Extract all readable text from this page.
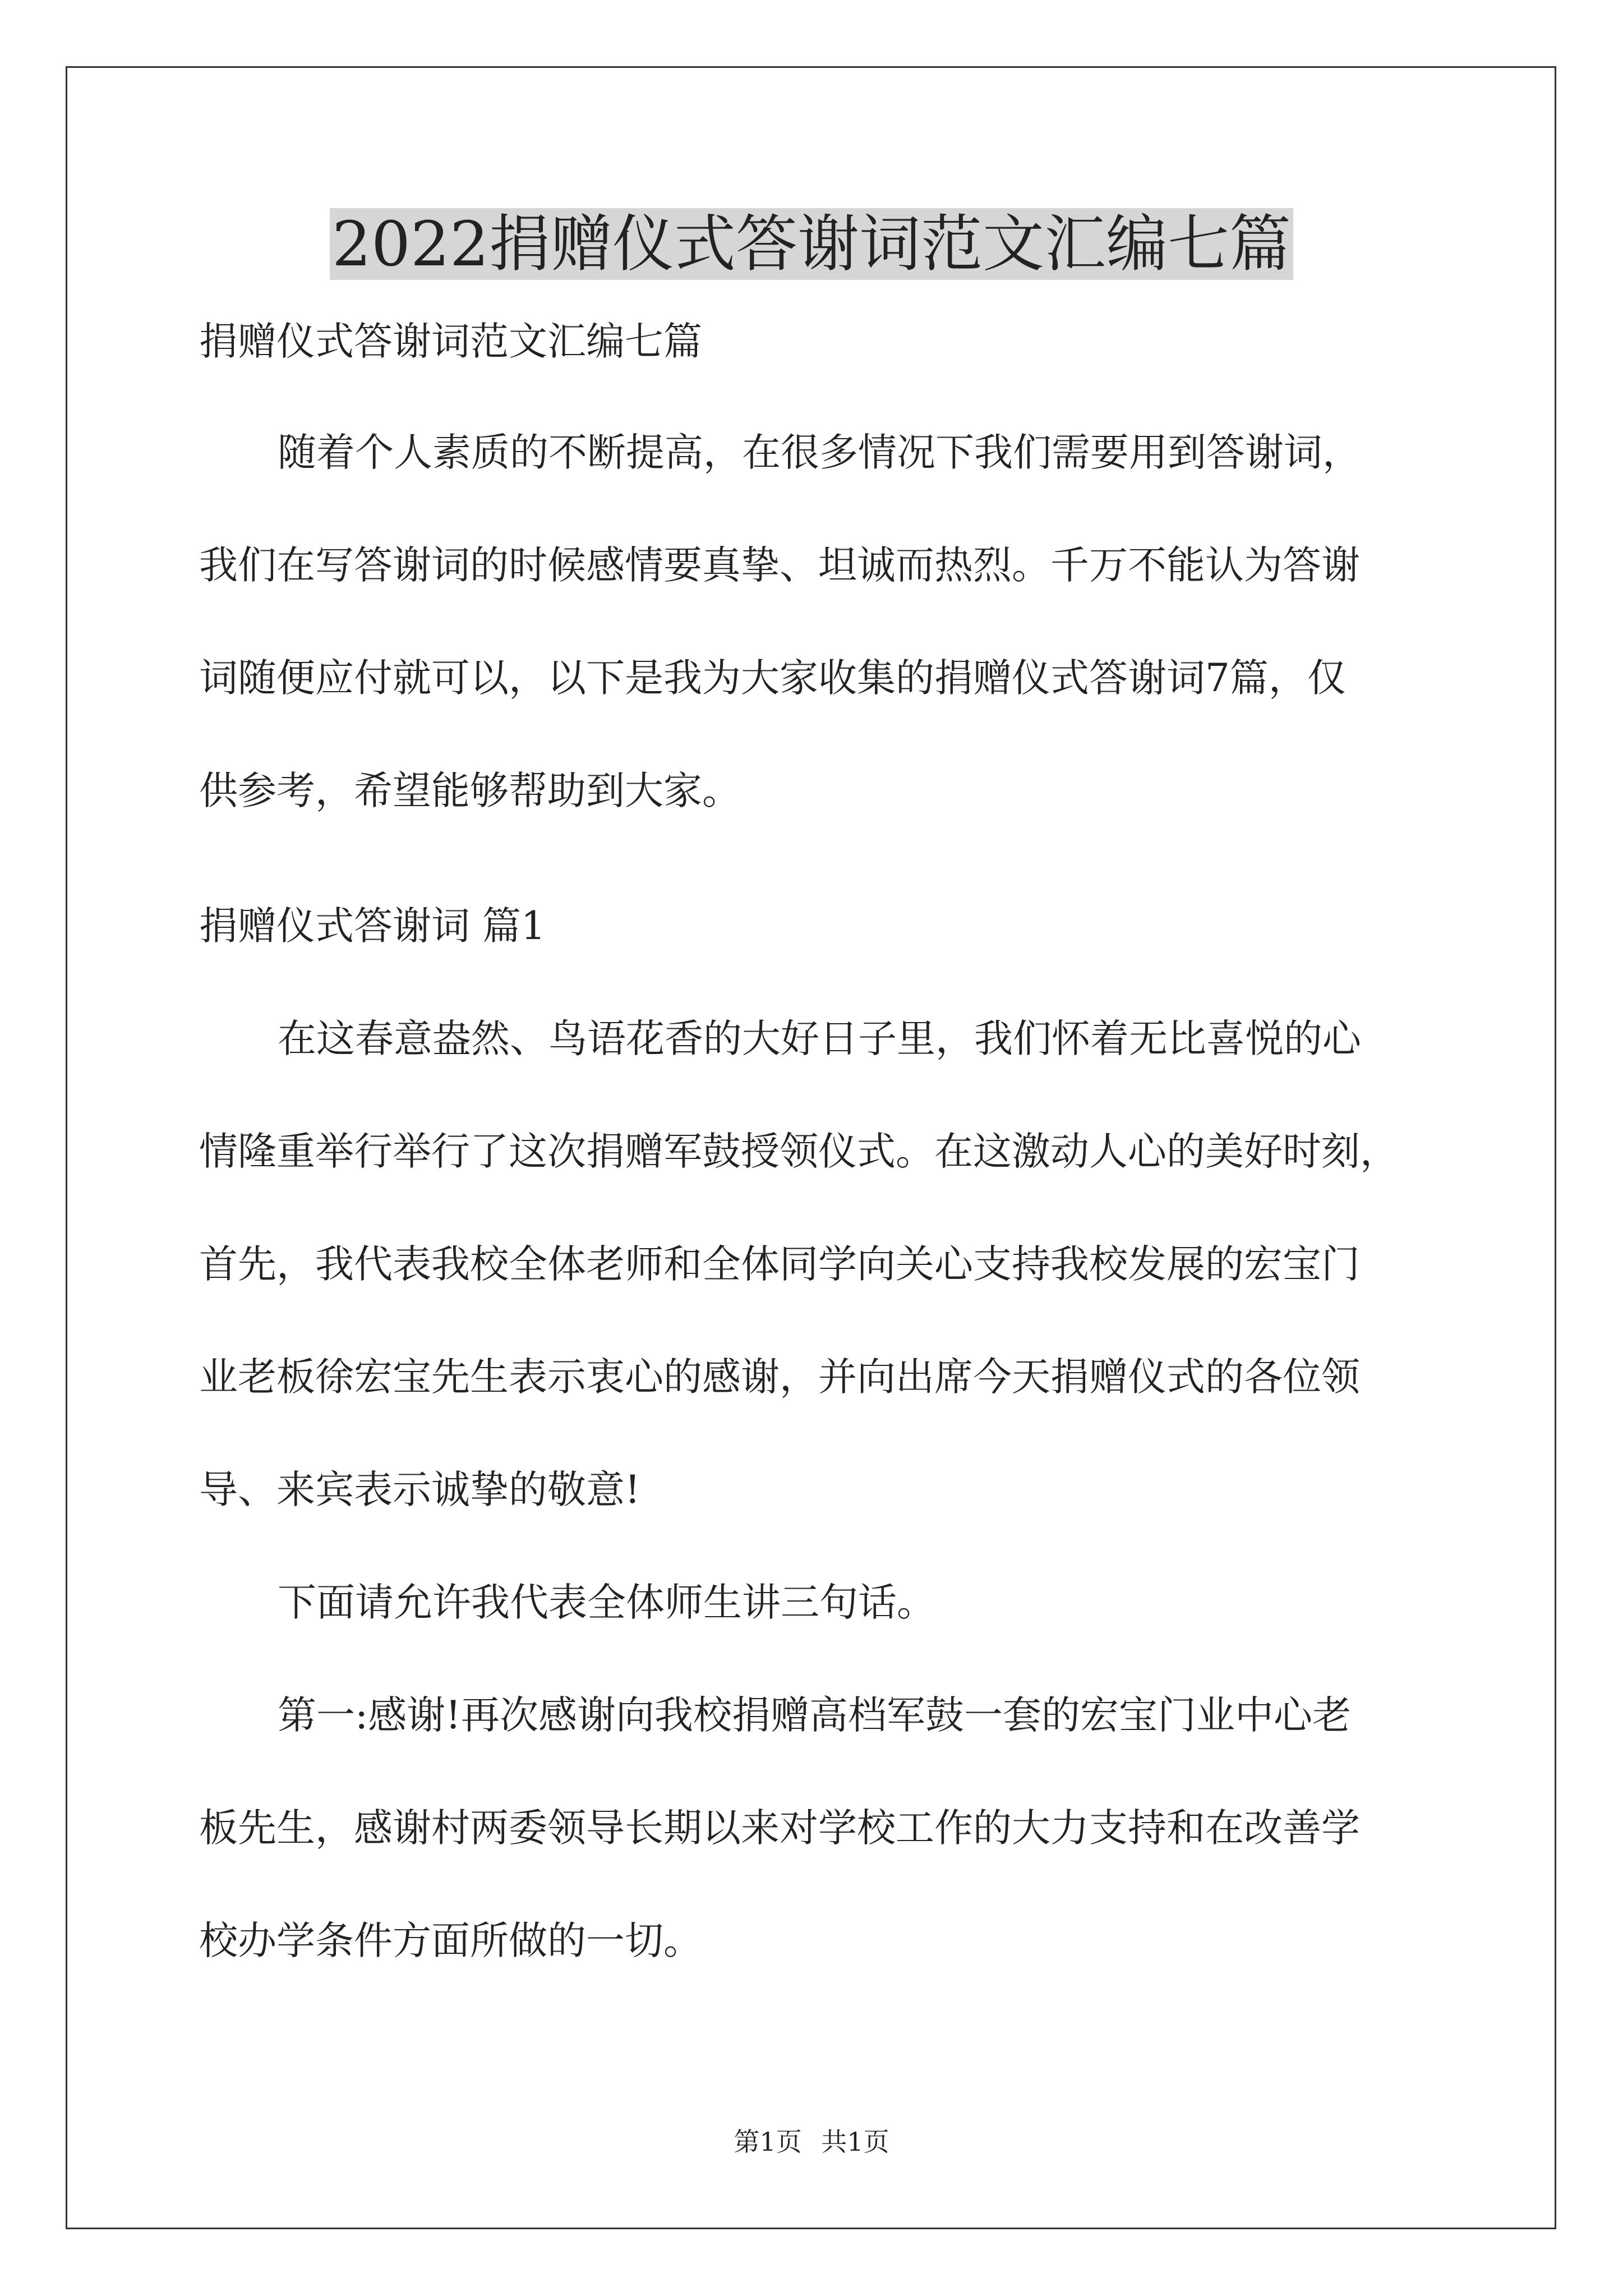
2022捐赠仪式答谢词范文汇编七篇

捐赠仪式答谢词范文汇编七篇

随着个人素质的不断提高，在很多情况下我们需要用到答谢词，

我们在写答谢词的时候感情要真挚、坦诚而热烈。千万不能认为答谢

词随便应付就可以，以下是我为大家收集的捐赠仪式答谢词7篇，仅

供参考，希望能够帮助到大家。

捐赠仪式答谢词 篇1

在这春意盎然、鸟语花香的大好日子里，我们怀着无比喜悦的心

情隆重举行举行了这次捐赠军鼓授领仪式。在这激动人心的美好时刻，

首先，我代表我校全体老师和全体同学向关心支持我校发展的宏宝门

业老板徐宏宝先生表示衷心的感谢，并向出席今天捐赠仪式的各位领

导、来宾表示诚挚的敬意!

下面请允许我代表全体师生讲三句话。

第一:感谢!再次感谢向我校捐赠高档军鼓一套的宏宝门业中心老

板先生，感谢村两委领导长期以来对学校工作的大力支持和在改善学

校办学条件方面所做的一切。

第1页 共1页
